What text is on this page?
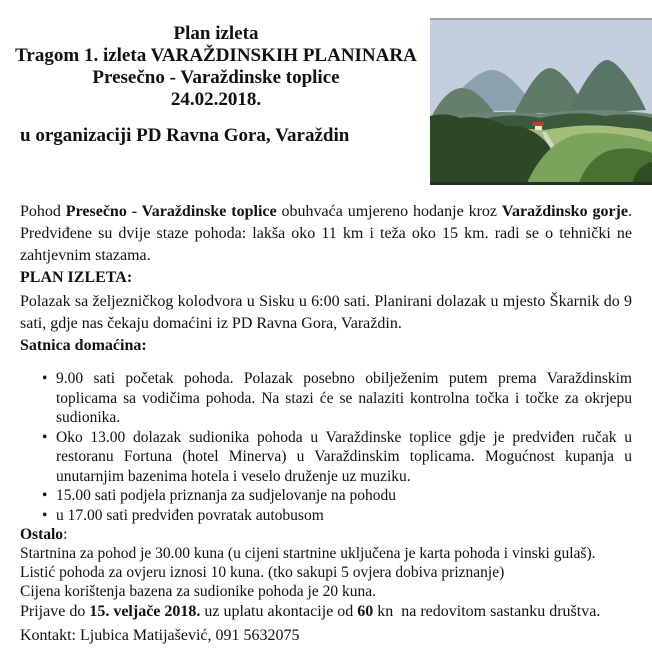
Plan izleta
Tragom 1. izleta VARAŽDINSKIH PLANINARA
Presečno - Varaždinske toplice
24.02.2018.
u organizaciji PD Ravna Gora, Varaždin

Pohod Presečno - Varaždinske toplice obuhvaća umjereno hodanje kroz Varaždinsko gorje. Predviđene su dvije staze pohoda: lakša oko 11 km i teža oko 15 km. radi se o tehnički ne zahtjevnim stazama.

PLAN IZLETA:

Polazak sa željezničkog kolodvora u Sisku u 6:00 sati. Planirani dolazak u mjesto Škarnik do 9 sati, gdje nas čekaju domaćini iz PD Ravna Gora, Varaždin.

Satnica domaćina:

• 9.00 sati početak pohoda. Polazak posebno obilježenim putem prema Varaždinskim toplicama sa vodičima pohoda. Na stazi će se nalaziti kontrolna točka i točke za okrjepu sudionika.
• Oko 13.00 dolazak sudionika pohoda u Varaždinske toplice gdje je predviđen ručak u restoranu Fortuna (hotel Minerva) u Varaždinskim toplicama. Mogućnost kupanja u unutarnjim bazenima hotela i veselo druženje uz muziku.
• 15.00 sati podjela priznanja za sudjelovanje na pohodu
• u 17.00 sati predviđen povratak autobusom
Ostalo:
Startnina za pohod je 30.00 kuna (u cijeni startnine uključena je karta pohoda i vinski gulaš).
Listić pohoda za ovjeru iznosi 10 kuna. (tko sakupi 5 ovjera dobiva priznanje)
Cijena korištenja bazena za sudionike pohoda je 20 kuna.

Prijave do 15. veljače 2018. uz uplatu akontacije od 60 kn  na redovitom sastanku društva.

Kontakt: Ljubica Matijašević, 091 5632075
